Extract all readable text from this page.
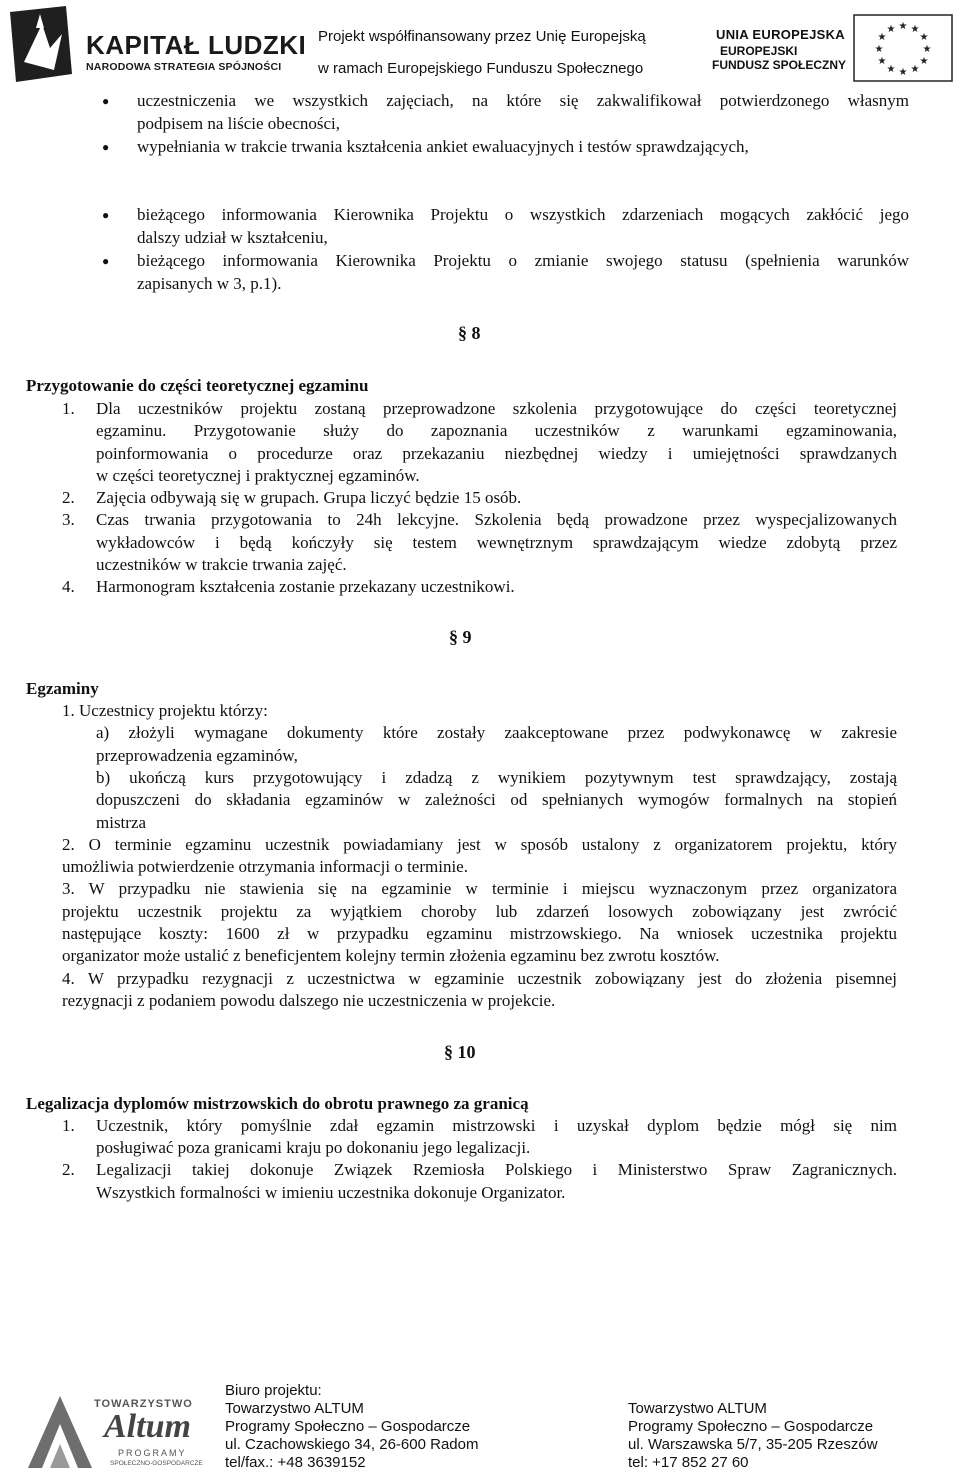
KAPITAŁ LUDZKI
NARODOWA STRATEGIA SPÓJNOŚCI
Projekt współfinansowany przez Unię Europejską
w ramach Europejskiego Funduszu Społecznego
UNIA EUROPEJSKA
EUROPEJSKI
FUNDUSZ SPOŁECZNY
★ ★
★
★
★
★
★
★
★
★
★
★
● uczestniczenia we wszystkich zajęciach, na które się zakwalifikował potwierdzonego własnym
podpisem na liście obecności,
● wypełniania w trakcie trwania kształcenia ankiet ewaluacyjnych i testów sprawdzających,
● bieżącego informowania Kierownika Projektu o wszystkich zdarzeniach mogących zakłócić jego
dalszy udział w kształceniu,
● bieżącego informowania Kierownika Projektu o zmianie swojego statusu (spełnienia warunków
zapisanych w 3, p.1).
§ 8
Przygotowanie do części teoretycznej egzaminu
1. Dla uczestników projektu zostaną przeprowadzone szkolenia przygotowujące do części teoretycznej
egzaminu. Przygotowanie służy do zapoznania uczestników z warunkami egzaminowania,
poinformowania o procedurze oraz przekazaniu niezbędnej wiedzy i umiejętności sprawdzanych
w części teoretycznej i praktycznej egzaminów.
2. Zajęcia odbywają się w grupach. Grupa liczyć będzie 15 osób.
3. Czas trwania przygotowania to 24h lekcyjne. Szkolenia będą prowadzone przez wyspecjalizowanych
wykładowców i będą kończyły się testem wewnętrznym sprawdzającym wiedze zdobytą przez
uczestników w trakcie trwania zajęć.
4. Harmonogram kształcenia zostanie przekazany uczestnikowi.
§ 9
Egzaminy
1. Uczestnicy projektu którzy:
a) złożyli wymagane dokumenty które zostały zaakceptowane przez podwykonawcę w zakresie
przeprowadzenia egzaminów,
b) ukończą kurs przygotowujący i zdadzą z wynikiem pozytywnym test sprawdzający, zostają
dopuszczeni do składania egzaminów w zależności od spełnianych wymogów formalnych na stopień
mistrza
2. O terminie egzaminu uczestnik powiadamiany jest w sposób ustalony z organizatorem projektu, który
umożliwia potwierdzenie otrzymania informacji o terminie.
3. W przypadku nie stawienia się na egzaminie w terminie i miejscu wyznaczonym przez organizatora
projektu uczestnik projektu za wyjątkiem choroby lub zdarzeń losowych zobowiązany jest zwrócić
następujące koszty: 1600 zł w przypadku egzaminu mistrzowskiego. Na wniosek uczestnika projektu
organizator może ustalić z beneficjentem kolejny termin złożenia egzaminu bez zwrotu kosztów.
4. W przypadku rezygnacji z uczestnictwa w egzaminie uczestnik zobowiązany jest do złożenia pisemnej
rezygnacji z podaniem powodu dalszego nie uczestniczenia w projekcie.
§ 10
Legalizacja dyplomów mistrzowskich do obrotu prawnego za granicą
1. Uczestnik, który pomyślnie zdał egzamin mistrzowski i uzyskał dyplom będzie mógł się nim
posługiwać poza granicami kraju po dokonaniu jego legalizacji.
2. Legalizacji takiej dokonuje Związek Rzemiosła Polskiego i Ministerstwo Spraw Zagranicznych.
Wszystkich formalności w imieniu uczestnika dokonuje Organizator.
TOWARZYSTWO
Altum
PROGRAMY
SPOŁECZNO-GOSPODARCZE
Biuro projektu:
Towarzystwo ALTUM
Programy Społeczno – Gospodarcze
ul. Czachowskiego 34, 26-600 Radom
tel/fax.: +48 3639152
Towarzystwo ALTUM
Programy Społeczno – Gospodarcze
ul. Warszawska 5/7, 35-205 Rzeszów
tel: +17 852 27 60
